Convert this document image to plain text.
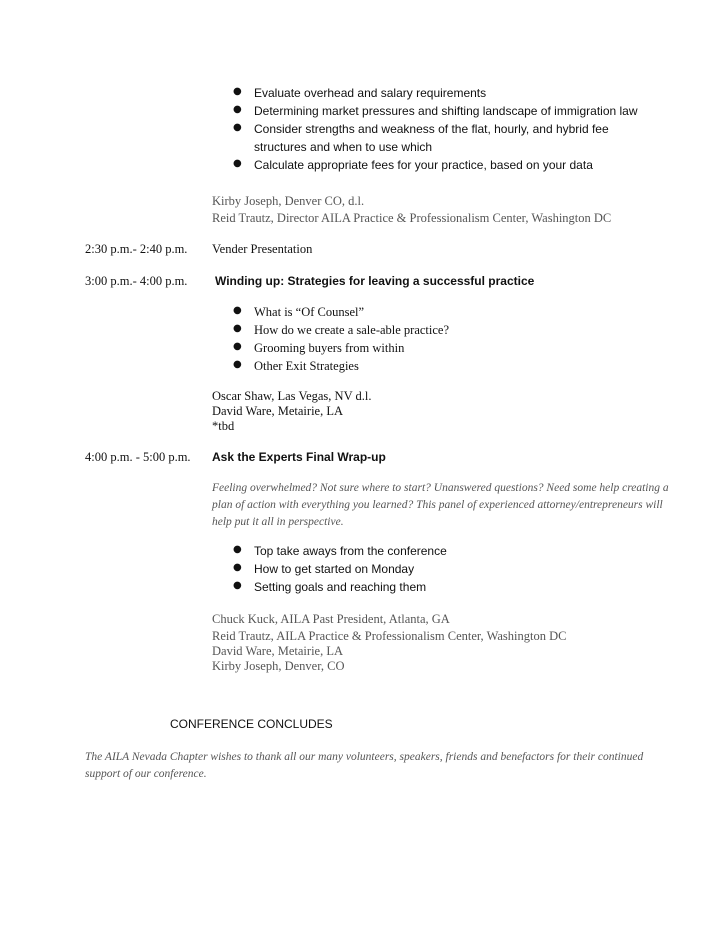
● Evaluate overhead and salary requirements
● Determining market pressures and shifting landscape of immigration law
● Consider strengths and weakness of the flat, hourly, and hybrid fee
structures and when to use which
● Calculate appropriate fees for your practice, based on your data
Kirby Joseph, Denver CO, d.l.
Reid Trautz, Director AILA Practice & Professionalism Center, Washington DC
2:30 p.m.- 2:40 p.m. Vender Presentation
3:00 p.m.- 4:00 p.m. Winding up: Strategies for leaving a successful practice
● What is “Of Counsel”
● How do we create a sale-able practice?
● Grooming buyers from within
● Other Exit Strategies
Oscar Shaw, Las Vegas, NV d.l.
David Ware, Metairie, LA
*tbd
4:00 p.m. - 5:00 p.m. Ask the Experts Final Wrap-up
Feeling overwhelmed? Not sure where to start? Unanswered questions? Need some help creating a
plan of action with everything you learned? This panel of experienced attorney/entrepreneurs will
help put it all in perspective.
● Top take aways from the conference
● How to get started on Monday
● Setting goals and reaching them
Chuck Kuck, AILA Past President, Atlanta, GA
Reid Trautz, AILA Practice & Professionalism Center, Washington DC
David Ware, Metairie, LA
Kirby Joseph, Denver, CO
CONFERENCE CONCLUDES
The AILA Nevada Chapter wishes to thank all our many volunteers, speakers, friends and benefactors for their continued
support of our conference.
